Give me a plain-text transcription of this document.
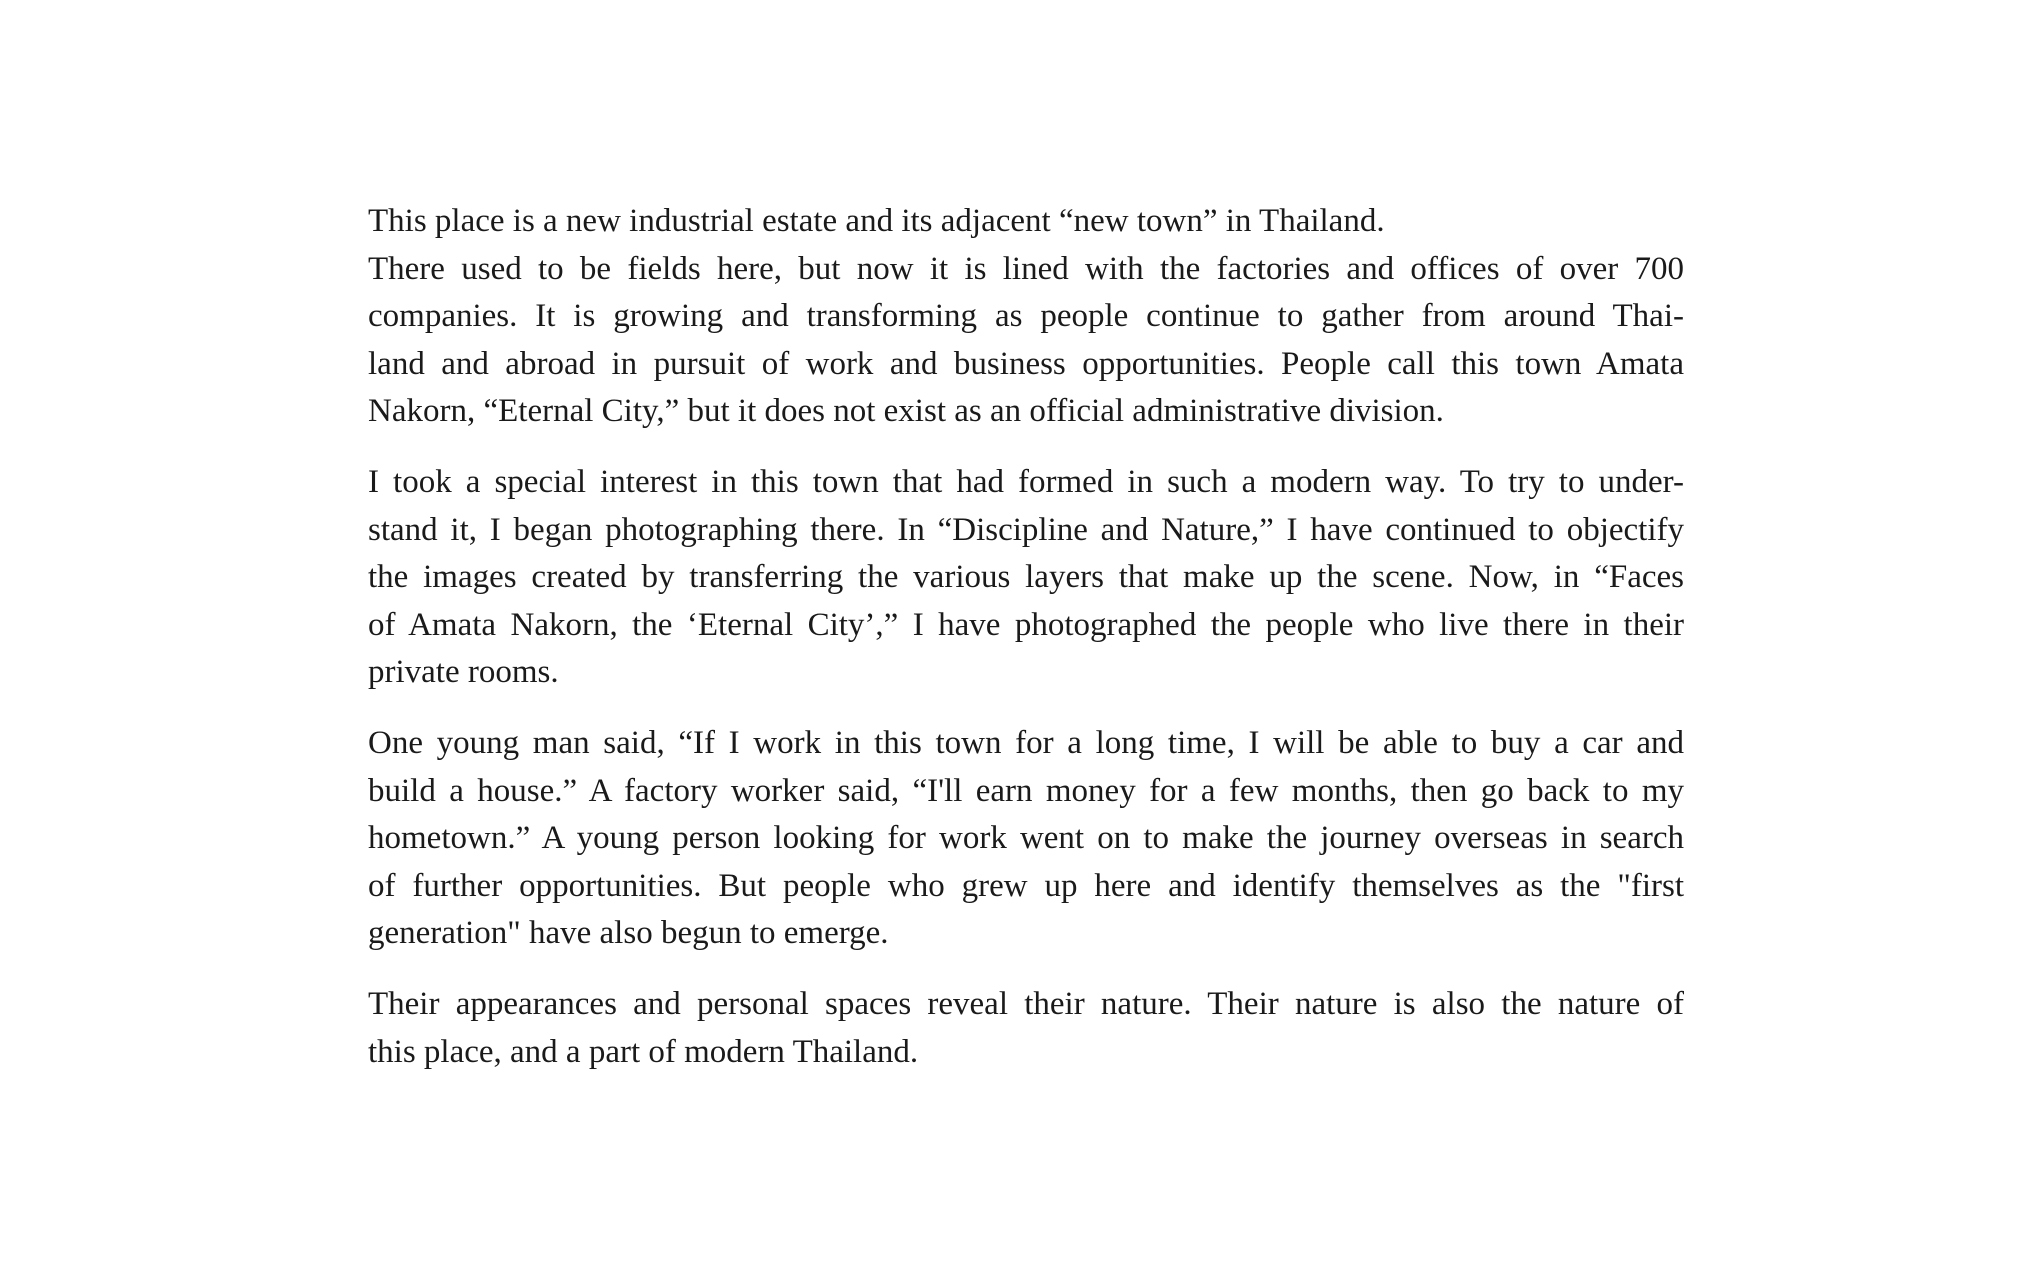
This place is a new industrial estate and its adjacent “new town” in Thailand.
There used to be fields here, but now it is lined with the factories and offices of over 700
companies. It is growing and transforming as people continue to gather from around Thai-
land and abroad in pursuit of work and business opportunities. People call this town Amata
Nakorn, “Eternal City,” but it does not exist as an official administrative division.

I took a special interest in this town that had formed in such a modern way. To try to under-
stand it, I began photographing there. In “Discipline and Nature,” I have continued to objectify
the images created by transferring the various layers that make up the scene. Now, in “Faces
of Amata Nakorn, the ‘Eternal City’,” I have photographed the people who live there in their
private rooms.

One young man said, “If I work in this town for a long time, I will be able to buy a car and
build a house.” A factory worker said, “I'll earn money for a few months, then go back to my
hometown.” A young person looking for work went on to make the journey overseas in search
of further opportunities. But people who grew up here and identify themselves as the "first
generation" have also begun to emerge.

Their appearances and personal spaces reveal their nature. Their nature is also the nature of
this place, and a part of modern Thailand.
